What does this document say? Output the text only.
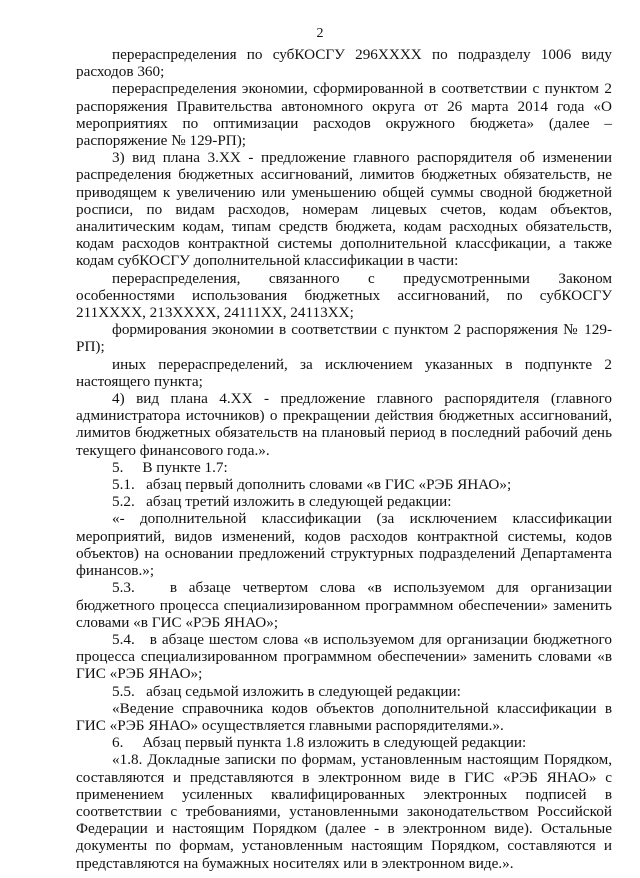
2

перераспределения по субКОСГУ 296XXXX по подразделу 1006 виду расходов 360;

перераспределения экономии, сформированной в соответствии с пунктом 2 распоряжения Правительства автономного округа от 26 марта 2014 года «О мероприятиях по оптимизации расходов окружного бюджета» (далее – распоряжение № 129-РП);

3) вид плана 3.ХХ - предложение главного распорядителя об изменении распределения бюджетных ассигнований, лимитов бюджетных обязательств, не приводящем к увеличению или уменьшению общей суммы сводной бюджетной росписи, по видам расходов, номерам лицевых счетов, кодам объектов, аналитическим кодам, типам средств бюджета, кодам расходных обязательств, кодам расходов контрактной системы дополнительной классфикации, а также кодам субКОСГУ дополнительной классификации в части:

перераспределения, связанного с предусмотренными Законом особенностями использования бюджетных ассигнований, по субКОСГУ 211XXXX, 213XXXX, 24111XX, 24113XX;

формирования экономии в соответствии с пунктом 2 распоряжения № 129-РП);

иных перераспределений, за исключением указанных в подпункте 2 настоящего пункта;

4) вид плана 4.ХХ - предложение главного распорядителя (главного администратора источников) о прекращении действия бюджетных ассигнований, лимитов бюджетных обязательств на плановый период в последний рабочий день текущего финансового года.».

5.     В пункте 1.7:

5.1.   абзац первый дополнить словами «в ГИС «РЭБ ЯНАО»;

5.2.   абзац третий изложить в следующей редакции:

«- дополнительной классификации (за исключением классификации мероприятий, видов изменений, кодов расходов контрактной системы, кодов объектов) на основании предложений структурных подразделений Департамента финансов.»;

5.3.   в абзаце четвертом слова «в используемом для организации бюджетного процесса специализированном программном обеспечении» заменить словами «в ГИС «РЭБ ЯНАО»;

5.4.   в абзаце шестом слова «в используемом для организации бюджетного процесса специализированном программном обеспечении» заменить словами «в ГИС «РЭБ ЯНАО»;

5.5.   абзац седьмой изложить в следующей редакции:

«Ведение справочника кодов объектов дополнительной классификации в ГИС «РЭБ ЯНАО» осуществляется главными распорядителями.».

6.     Абзац первый пункта 1.8 изложить в следующей редакции:

«1.8. Докладные записки по формам, установленным настоящим Порядком, составляются и представляются в электронном виде в ГИС «РЭБ ЯНАО» с применением усиленных квалифицированных электронных подписей в соответствии с требованиями, установленными законодательством Российской Федерации и настоящим Порядком (далее - в электронном виде). Остальные документы по формам, установленным настоящим Порядком, составляются и представляются на бумажных носителях или в электронном виде.».
